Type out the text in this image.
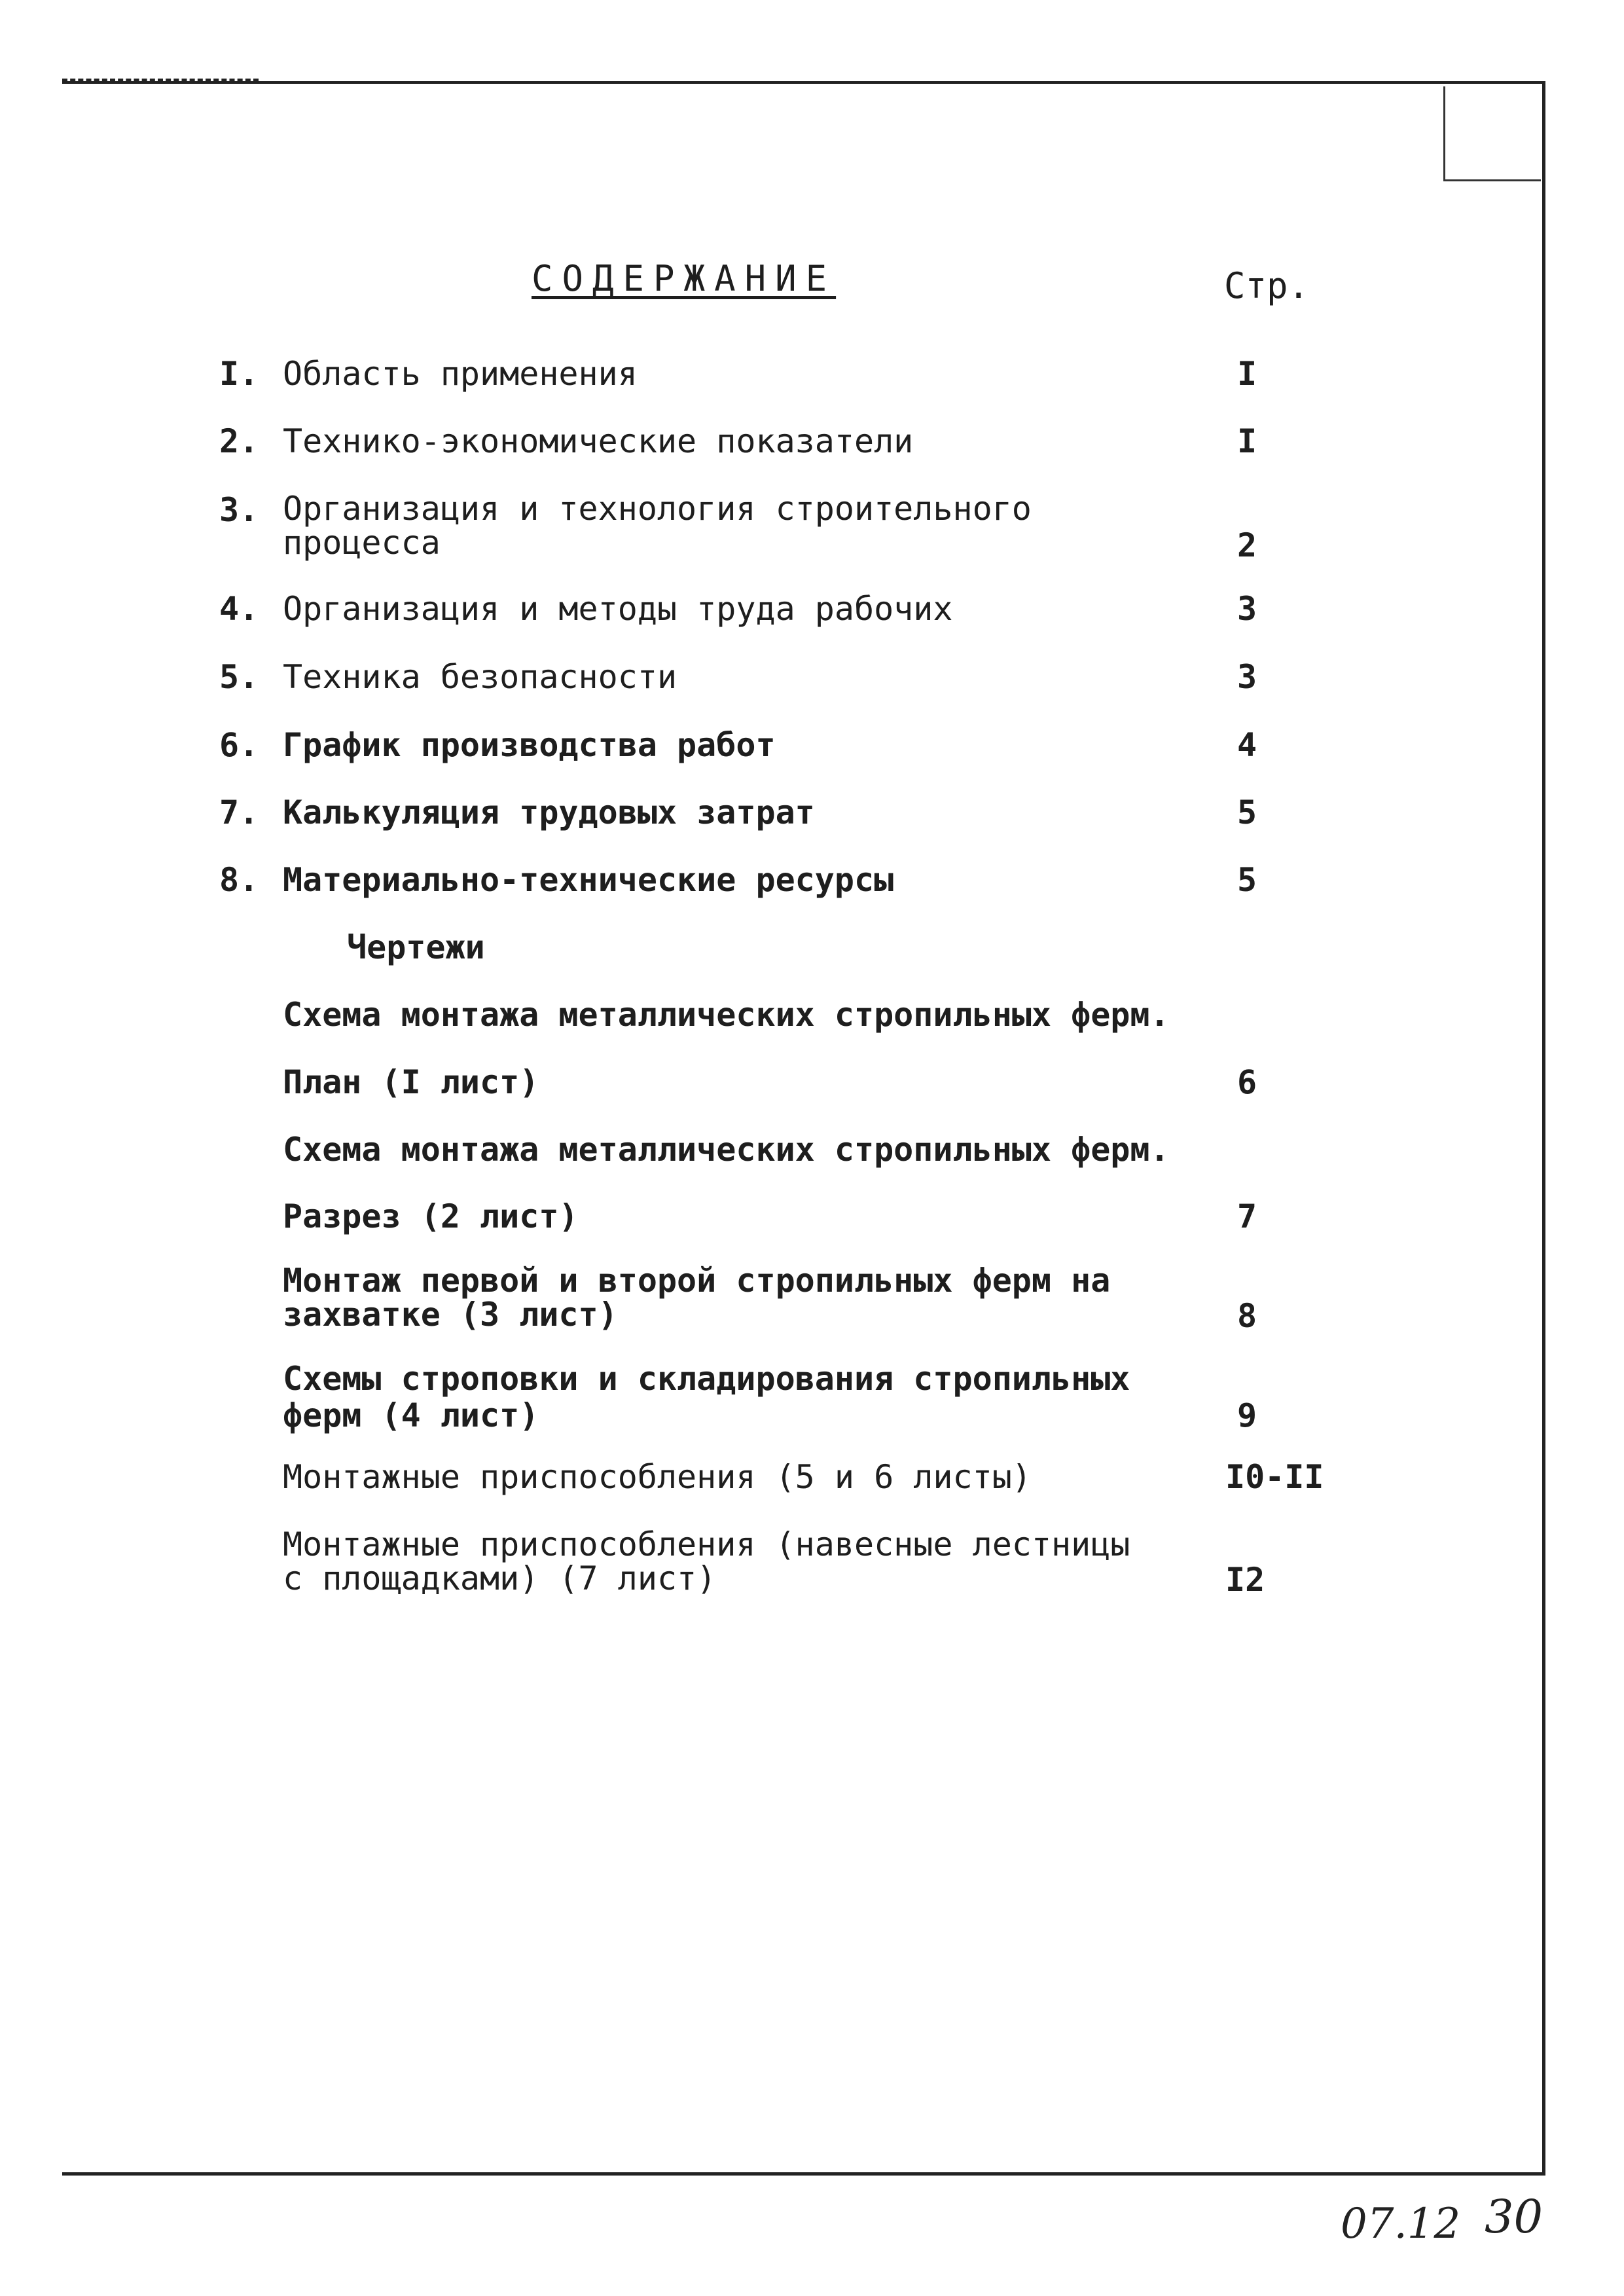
СОДЕРЖАНИЕ	Стр.
I. Область применения	I
2. Технико-экономические показатели	I
3. Организация и технология строительного
процесса	2
4. Организация и методы труда рабочих	3
5. Техника безопасности	3
6. График производства работ	4
7. Калькуляция трудовых затрат	5
8. Материально-технические ресурсы	5
Чертежи
Схема монтажа металлических стропильных ферм.
План (I лист)	6
Схема монтажа металлических стропильных ферм.
Разрез (2 лист)	7
Монтаж первой и второй стропильных ферм на
захватке (3 лист)	8
Схемы строповки и складирования стропильных
ферм (4 лист)	9
Монтажные приспособления (5 и 6 листы)	I0-II
Монтажные приспособления (навесные лестницы
с площадками) (7 лист)	I2
07.12 30
